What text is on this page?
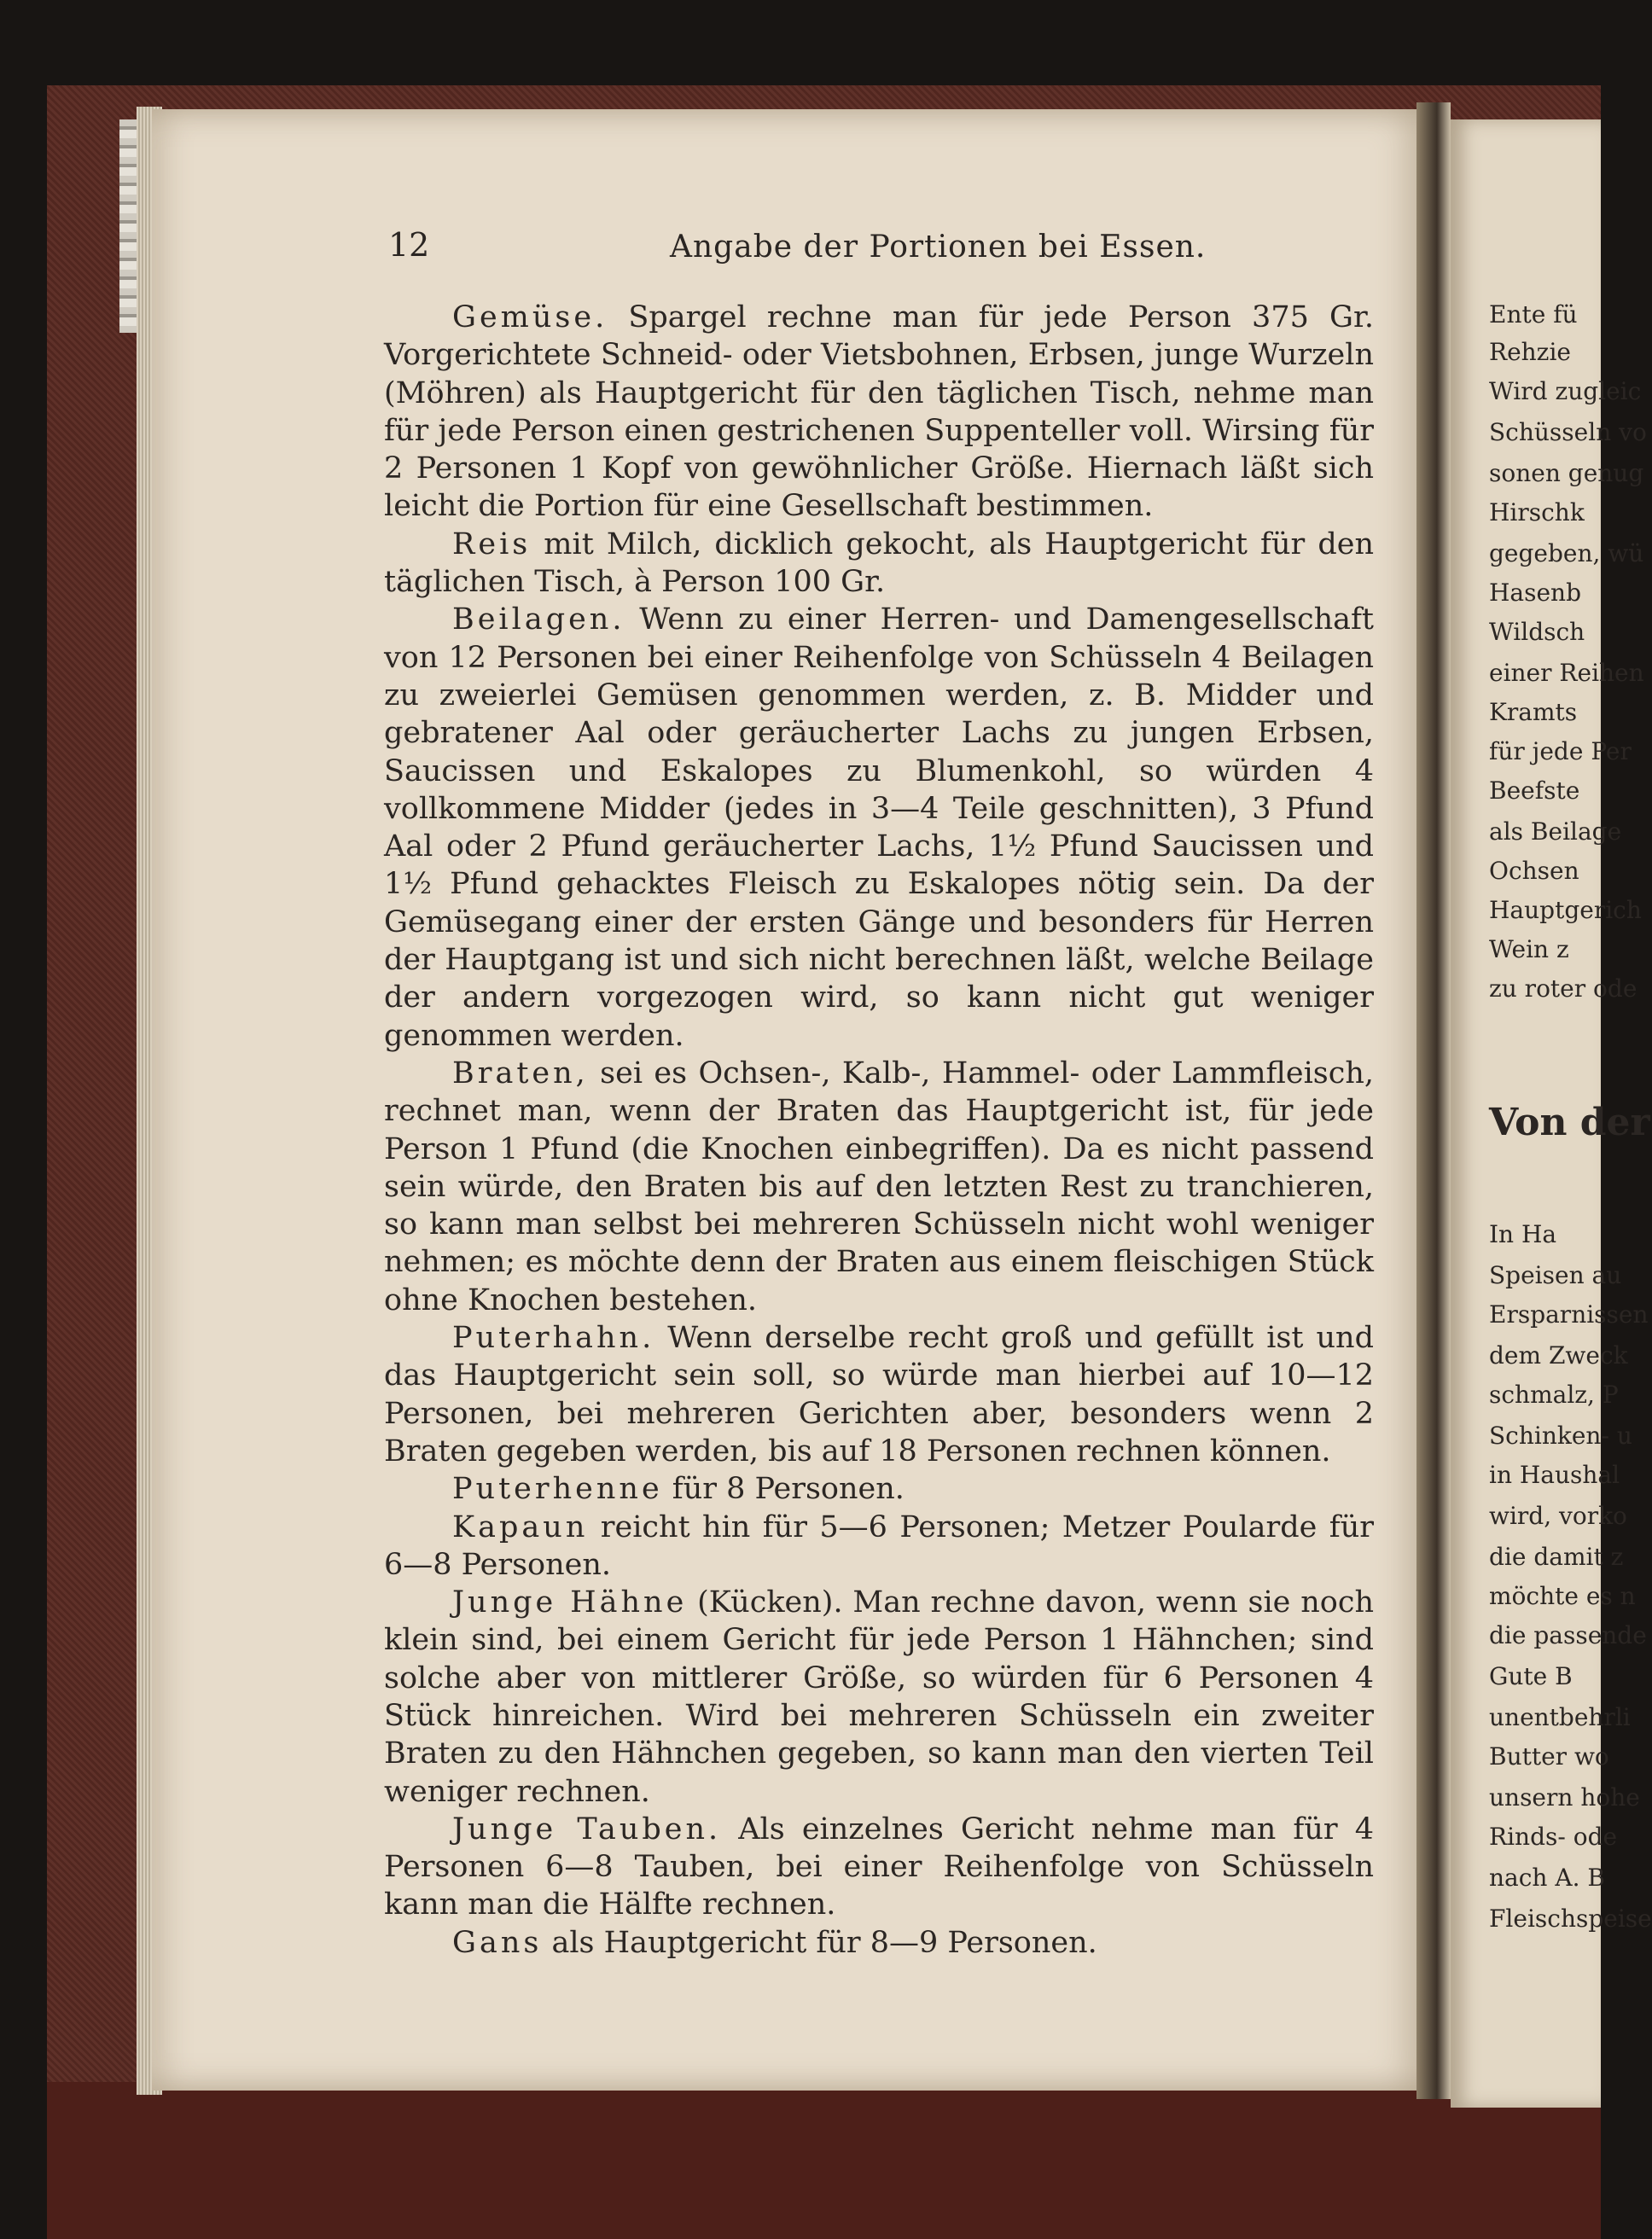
12	Angabe der Portionen bei Essen.

Gemüse. Spargel rechne man für jede Person 375 Gr. Vorgerichtete Schneid- oder Vietsbohnen, Erbsen, junge Wurzeln (Möhren) als Hauptgericht für den täglichen Tisch, nehme man für jede Person einen gestrichenen Suppenteller voll. Wirsing für 2 Personen 1 Kopf von gewöhnlicher Größe. Hiernach läßt sich leicht die Portion für eine Gesellschaft bestimmen.

Reis mit Milch, dicklich gekocht, als Hauptgericht für den täglichen Tisch, à Person 100 Gr.

Beilagen. Wenn zu einer Herren- und Damengesellschaft von 12 Personen bei einer Reihenfolge von Schüsseln 4 Beilagen zu zweierlei Gemüsen genommen werden, z. B. Midder und gebratener Aal oder geräucherter Lachs zu jungen Erbsen, Saucissen und Eskalopes zu Blumenkohl, so würden 4 vollkommene Midder (jedes in 3—4 Teile geschnitten), 3 Pfund Aal oder 2 Pfund geräucherter Lachs, 1½ Pfund Saucissen und 1½ Pfund gehacktes Fleisch zu Eskalopes nötig sein. Da der Gemüsegang einer der ersten Gänge und besonders für Herren der Hauptgang ist und sich nicht berechnen läßt, welche Beilage der andern vorgezogen wird, so kann nicht gut weniger genommen werden.

Braten, sei es Ochsen-, Kalb-, Hammel- oder Lammfleisch, rechnet man, wenn der Braten das Hauptgericht ist, für jede Person 1 Pfund (die Knochen einbegriffen). Da es nicht passend sein würde, den Braten bis auf den letzten Rest zu tranchieren, so kann man selbst bei mehreren Schüsseln nicht wohl weniger nehmen; es möchte denn der Braten aus einem fleischigen Stück ohne Knochen bestehen.

Puterhahn. Wenn derselbe recht groß und gefüllt ist und das Hauptgericht sein soll, so würde man hierbei auf 10—12 Personen, bei mehreren Gerichten aber, besonders wenn 2 Braten gegeben werden, bis auf 18 Personen rechnen können.

Puterhenne für 8 Personen.

Kapaun reicht hin für 5—6 Personen; Metzer Poularde für 6—8 Personen.

Junge Hähne (Kücken). Man rechne davon, wenn sie noch klein sind, bei einem Gericht für jede Person 1 Hähnchen; sind solche aber von mittlerer Größe, so würden für 6 Personen 4 Stück hinreichen. Wird bei mehreren Schüsseln ein zweiter Braten zu den Hähnchen gegeben, so kann man den vierten Teil weniger rechnen.

Junge Tauben. Als einzelnes Gericht nehme man für 4 Personen 6—8 Tauben, bei einer Reihenfolge von Schüsseln kann man die Hälfte rechnen.

Gans als Hauptgericht für 8—9 Personen.

Ente fü
Rehzie
Wird zugleic
Schüsseln vo
sonen genug
Hirschk
gegeben, wü
Hasenb
Wildsch
einer Reihen
Kramts
für jede Per
Beefste
als Beilage
Ochsen
Hauptgerich
Wein z
zu roter ode
Von der
In Ha
Speisen au
Ersparnissen
dem Zweck
schmalz, P
Schinken- u
in Haushal
wird, vorko
die damit z
möchte es n
die passende
Gute B
unentbehrli
Butter wo
unsern hohe
Rinds- ode
nach A. B
Fleischspeise
